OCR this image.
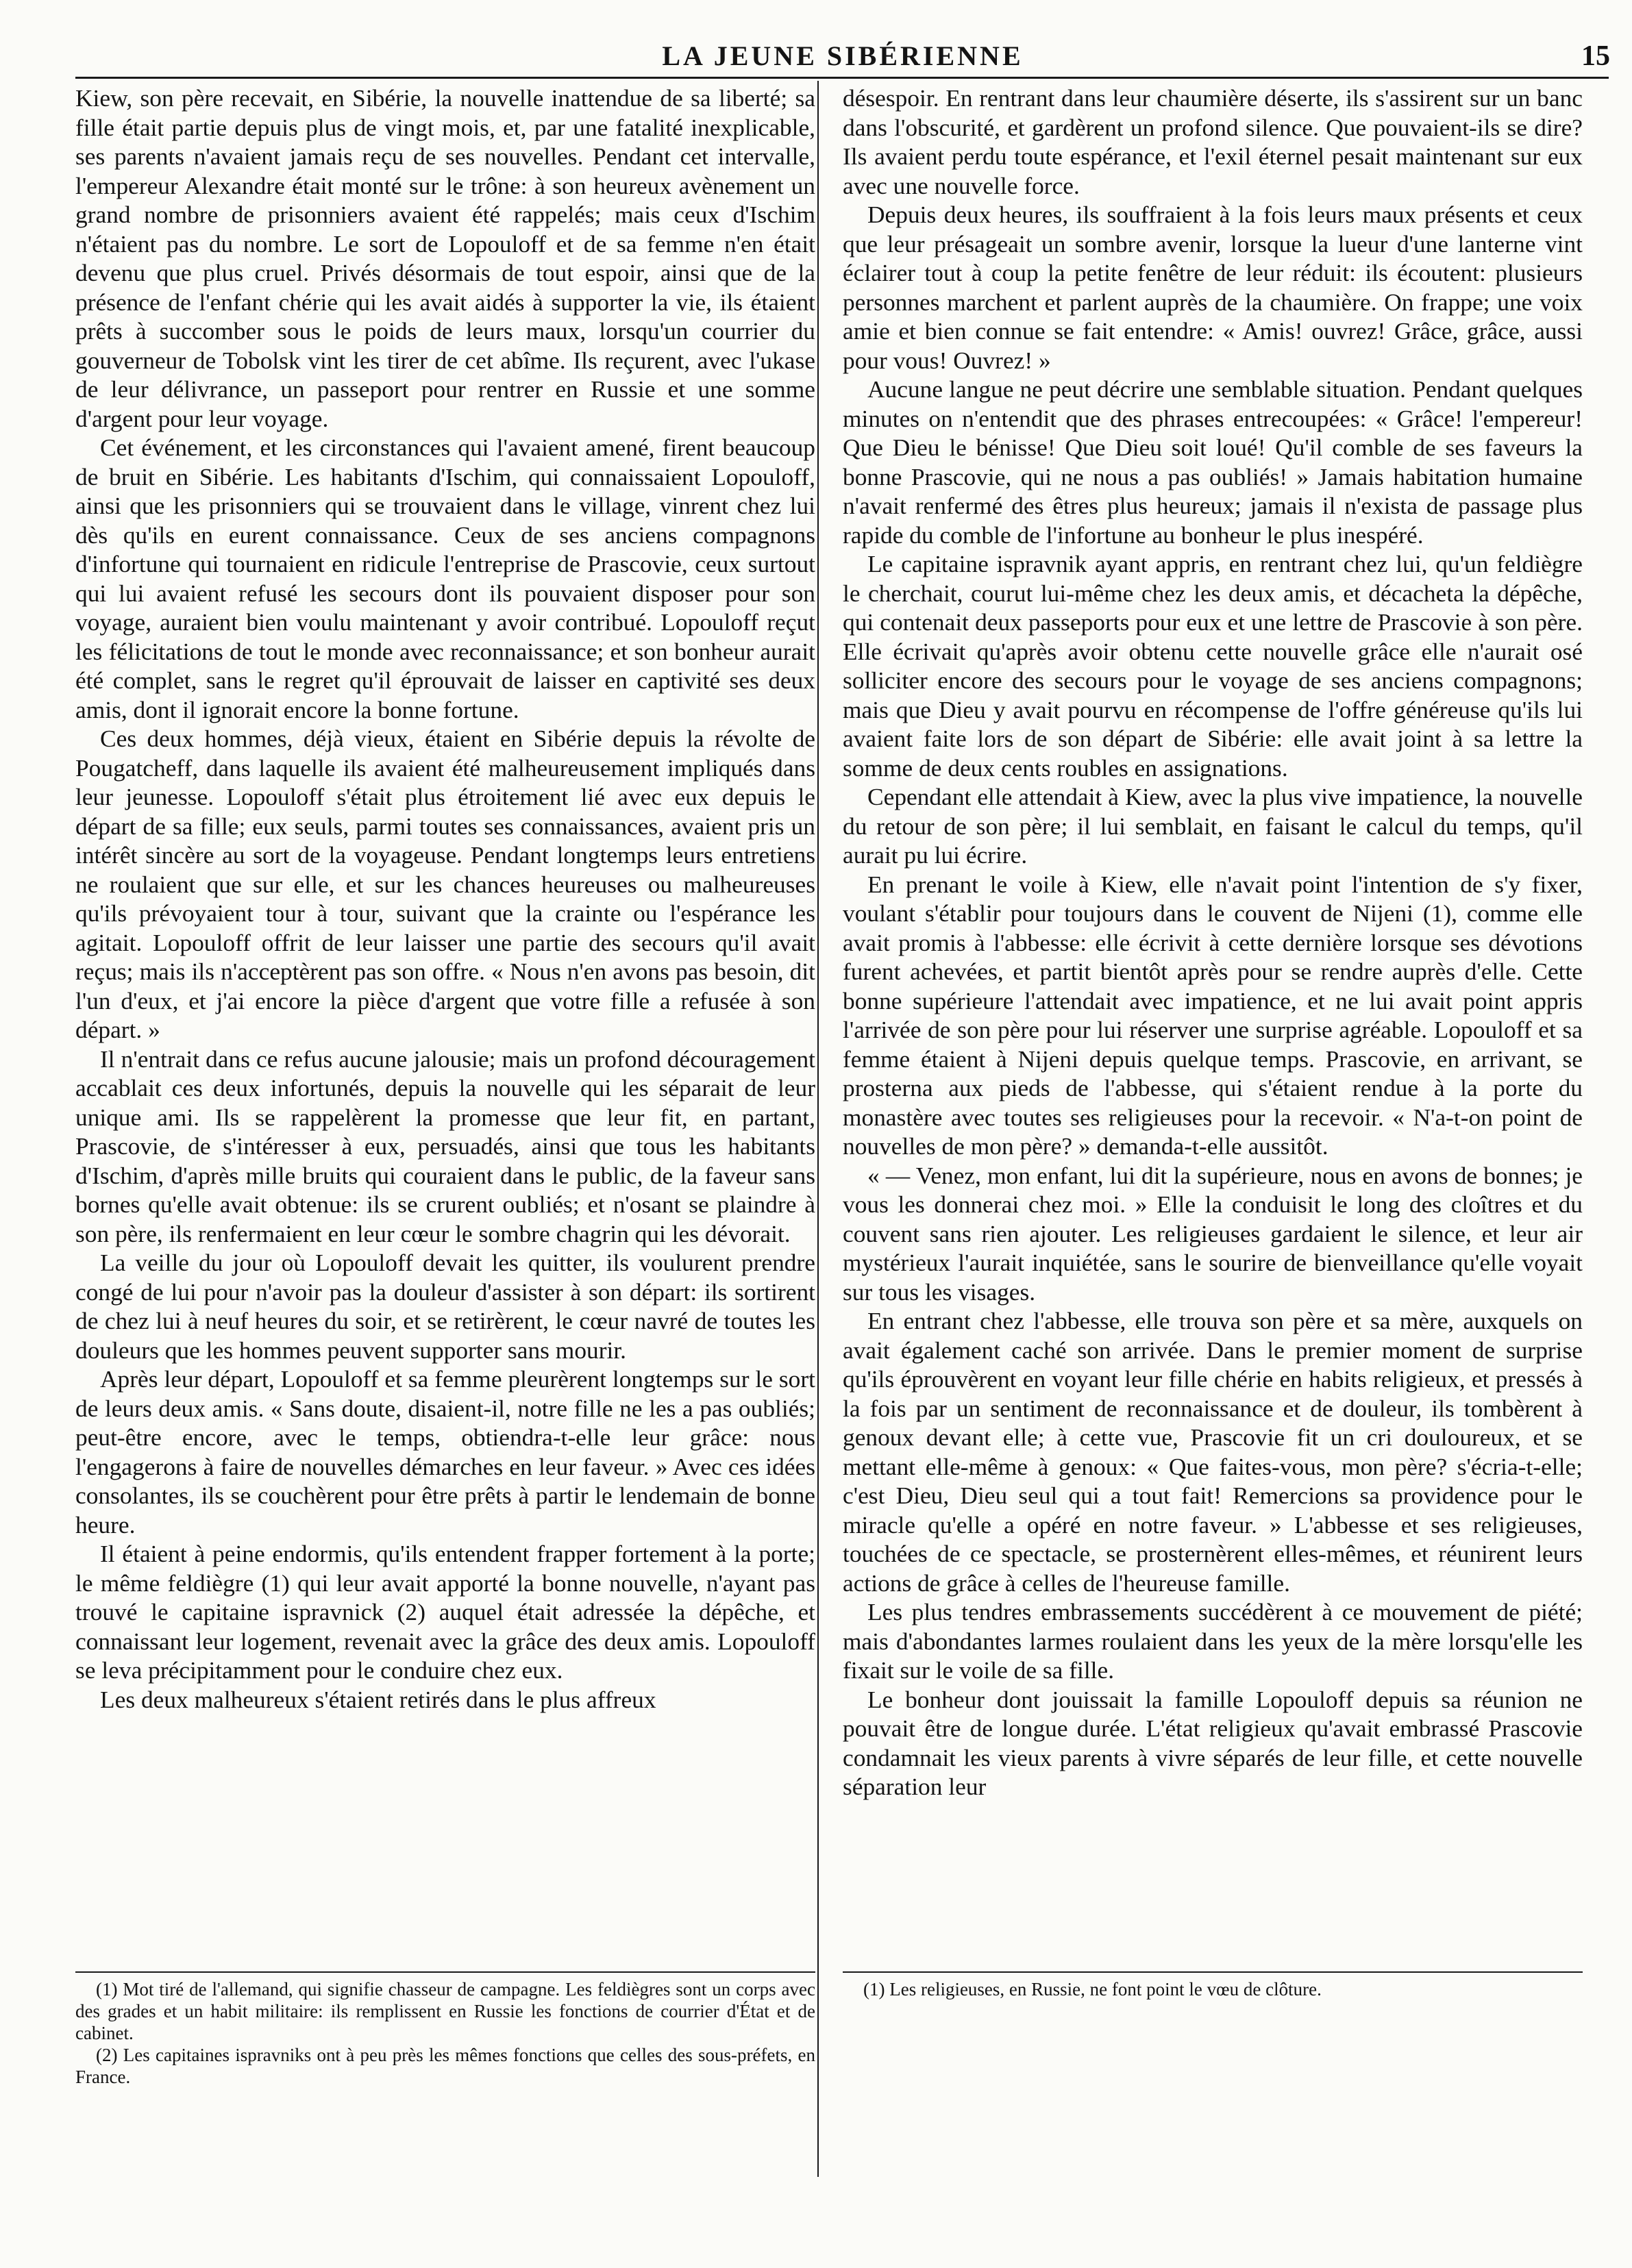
LA JEUNE SIBÉRIENNE	15

Kiew, son père recevait, en Sibérie, la nouvelle inattendue de sa liberté; sa fille était partie depuis plus de vingt mois, et, par une fatalité inexplicable, ses parents n'avaient jamais reçu de ses nouvelles. Pendant cet intervalle, l'empereur Alexandre était monté sur le trône: à son heureux avènement un grand nombre de prisonniers avaient été rappelés; mais ceux d'Ischim n'étaient pas du nombre. Le sort de Lopouloff et de sa femme n'en était devenu que plus cruel. Privés désormais de tout espoir, ainsi que de la présence de l'enfant chérie qui les avait aidés à supporter la vie, ils étaient prêts à succomber sous le poids de leurs maux, lorsqu'un courrier du gouverneur de Tobolsk vint les tirer de cet abîme. Ils reçurent, avec l'ukase de leur délivrance, un passeport pour rentrer en Russie et une somme d'argent pour leur voyage.

Cet événement, et les circonstances qui l'avaient amené, firent beaucoup de bruit en Sibérie. Les habitants d'Ischim, qui connaissaient Lopouloff, ainsi que les prisonniers qui se trouvaient dans le village, vinrent chez lui dès qu'ils en eurent connaissance. Ceux de ses anciens compagnons d'infortune qui tournaient en ridicule l'entreprise de Prascovie, ceux surtout qui lui avaient refusé les secours dont ils pouvaient disposer pour son voyage, auraient bien voulu maintenant y avoir contribué. Lopouloff reçut les félicitations de tout le monde avec reconnaissance; et son bonheur aurait été complet, sans le regret qu'il éprouvait de laisser en captivité ses deux amis, dont il ignorait encore la bonne fortune.

Ces deux hommes, déjà vieux, étaient en Sibérie depuis la révolte de Pougatcheff, dans laquelle ils avaient été malheureusement impliqués dans leur jeunesse. Lopouloff s'était plus étroitement lié avec eux depuis le départ de sa fille; eux seuls, parmi toutes ses connaissances, avaient pris un intérêt sincère au sort de la voyageuse. Pendant longtemps leurs entretiens ne roulaient que sur elle, et sur les chances heureuses ou malheureuses qu'ils prévoyaient tour à tour, suivant que la crainte ou l'espérance les agitait. Lopouloff offrit de leur laisser une partie des secours qu'il avait reçus; mais ils n'acceptèrent pas son offre. « Nous n'en avons pas besoin, dit l'un d'eux, et j'ai encore la pièce d'argent que votre fille a refusée à son départ. »

Il n'entrait dans ce refus aucune jalousie; mais un profond découragement accablait ces deux infortunés, depuis la nouvelle qui les séparait de leur unique ami. Ils se rappelèrent la promesse que leur fit, en partant, Prascovie, de s'intéresser à eux, persuadés, ainsi que tous les habitants d'Ischim, d'après mille bruits qui couraient dans le public, de la faveur sans bornes qu'elle avait obtenue: ils se crurent oubliés; et n'osant se plaindre à son père, ils renfermaient en leur cœur le sombre chagrin qui les dévorait.

La veille du jour où Lopouloff devait les quitter, ils voulurent prendre congé de lui pour n'avoir pas la douleur d'assister à son départ: ils sortirent de chez lui à neuf heures du soir, et se retirèrent, le cœur navré de toutes les douleurs que les hommes peuvent supporter sans mourir.

Après leur départ, Lopouloff et sa femme pleurèrent longtemps sur le sort de leurs deux amis. « Sans doute, disaient-il, notre fille ne les a pas oubliés; peut-être encore, avec le temps, obtiendra-t-elle leur grâce: nous l'engagerons à faire de nouvelles démarches en leur faveur. » Avec ces idées consolantes, ils se couchèrent pour être prêts à partir le lendemain de bonne heure.

Il étaient à peine endormis, qu'ils entendent frapper fortement à la porte; le même feldiègre (1) qui leur avait apporté la bonne nouvelle, n'ayant pas trouvé le capitaine ispravnick (2) auquel était adressée la dépêche, et connaissant leur logement, revenait avec la grâce des deux amis. Lopouloff se leva précipitamment pour le conduire chez eux.

Les deux malheureux s'étaient retirés dans le plus affreux

(1) Mot tiré de l'allemand, qui signifie chasseur de campagne. Les feldiègres sont un corps avec des grades et un habit militaire: ils remplissent en Russie les fonctions de courrier d'État et de cabinet.

(2) Les capitaines ispravniks ont à peu près les mêmes fonctions que celles des sous-préfets, en France.

désespoir. En rentrant dans leur chaumière déserte, ils s'assirent sur un banc dans l'obscurité, et gardèrent un profond silence. Que pouvaient-ils se dire? Ils avaient perdu toute espérance, et l'exil éternel pesait maintenant sur eux avec une nouvelle force.

Depuis deux heures, ils souffraient à la fois leurs maux présents et ceux que leur présageait un sombre avenir, lorsque la lueur d'une lanterne vint éclairer tout à coup la petite fenêtre de leur réduit: ils écoutent: plusieurs personnes marchent et parlent auprès de la chaumière. On frappe; une voix amie et bien connue se fait entendre: « Amis! ouvrez! Grâce, grâce, aussi pour vous! Ouvrez! »

Aucune langue ne peut décrire une semblable situation. Pendant quelques minutes on n'entendit que des phrases entrecoupées: « Grâce! l'empereur! Que Dieu le bénisse! Que Dieu soit loué! Qu'il comble de ses faveurs la bonne Prascovie, qui ne nous a pas oubliés! » Jamais habitation humaine n'avait renfermé des êtres plus heureux; jamais il n'exista de passage plus rapide du comble de l'infortune au bonheur le plus inespéré.

Le capitaine ispravnik ayant appris, en rentrant chez lui, qu'un feldiègre le cherchait, courut lui-même chez les deux amis, et décacheta la dépêche, qui contenait deux passeports pour eux et une lettre de Prascovie à son père. Elle écrivait qu'après avoir obtenu cette nouvelle grâce elle n'aurait osé solliciter encore des secours pour le voyage de ses anciens compagnons; mais que Dieu y avait pourvu en récompense de l'offre généreuse qu'ils lui avaient faite lors de son départ de Sibérie: elle avait joint à sa lettre la somme de deux cents roubles en assignations.

Cependant elle attendait à Kiew, avec la plus vive impatience, la nouvelle du retour de son père; il lui semblait, en faisant le calcul du temps, qu'il aurait pu lui écrire.

En prenant le voile à Kiew, elle n'avait point l'intention de s'y fixer, voulant s'établir pour toujours dans le couvent de Nijeni (1), comme elle avait promis à l'abbesse: elle écrivit à cette dernière lorsque ses dévotions furent achevées, et partit bientôt après pour se rendre auprès d'elle. Cette bonne supérieure l'attendait avec impatience, et ne lui avait point appris l'arrivée de son père pour lui réserver une surprise agréable. Lopouloff et sa femme étaient à Nijeni depuis quelque temps. Prascovie, en arrivant, se prosterna aux pieds de l'abbesse, qui s'étaient rendue à la porte du monastère avec toutes ses religieuses pour la recevoir. « N'a-t-on point de nouvelles de mon père? » demanda-t-elle aussitôt.

« — Venez, mon enfant, lui dit la supérieure, nous en avons de bonnes; je vous les donnerai chez moi. » Elle la conduisit le long des cloîtres et du couvent sans rien ajouter. Les religieuses gardaient le silence, et leur air mystérieux l'aurait inquiétée, sans le sourire de bienveillance qu'elle voyait sur tous les visages.

En entrant chez l'abbesse, elle trouva son père et sa mère, auxquels on avait également caché son arrivée. Dans le premier moment de surprise qu'ils éprouvèrent en voyant leur fille chérie en habits religieux, et pressés à la fois par un sentiment de reconnaissance et de douleur, ils tombèrent à genoux devant elle; à cette vue, Prascovie fit un cri douloureux, et se mettant elle-même à genoux: « Que faites-vous, mon père? s'écria-t-elle; c'est Dieu, Dieu seul qui a tout fait! Remercions sa providence pour le miracle qu'elle a opéré en notre faveur. » L'abbesse et ses religieuses, touchées de ce spectacle, se prosternèrent elles-mêmes, et réunirent leurs actions de grâce à celles de l'heureuse famille.

Les plus tendres embrassements succédèrent à ce mouvement de piété; mais d'abondantes larmes roulaient dans les yeux de la mère lorsqu'elle les fixait sur le voile de sa fille.

Le bonheur dont jouissait la famille Lopouloff depuis sa réunion ne pouvait être de longue durée. L'état religieux qu'avait embrassé Prascovie condamnait les vieux parents à vivre séparés de leur fille, et cette nouvelle séparation leur

(1) Les religieuses, en Russie, ne font point le vœu de clôture.
